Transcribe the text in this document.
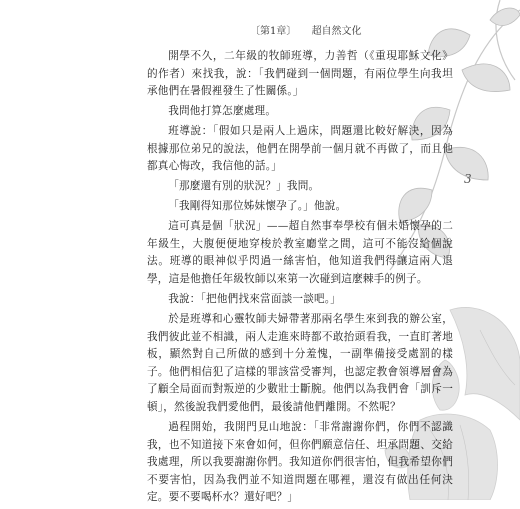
〔第1章〕 超自然文化
3

開學不久，二年級的牧師班導，力善哲（《重現耶穌文化》的作者）來找我，說：「我們碰到一個問題，有兩位學生向我坦承他們在暑假裡發生了性關係。」

我問他打算怎麼處理。

班導說：「假如只是兩人上過床，問題還比較好解決，因為根據那位弟兄的說法，他們在開學前一個月就不再做了，而且他都真心悔改，我信他的話。」

「那麼還有別的狀況？」我問。

「我剛得知那位姊妹懷孕了。」他說。

這可真是個「狀況」——超自然事奉學校有個未婚懷孕的二年級生，大腹便便地穿梭於教室廳堂之間，這可不能沒給個說法。班導的眼神似乎閃過一絲害怕，他知道我們得讓這兩人退學，這是他擔任年級牧師以來第一次碰到這麼棘手的例子。

我說：「把他們找來當面談一談吧。」

於是班導和心靈牧師夫婦帶著那兩名學生來到我的辦公室，我們彼此並不相識，兩人走進來時都不敢抬頭看我，一直盯著地板，顯然對自己所做的感到十分羞愧，一副準備接受處罰的樣子。他們相信犯了這樣的罪該當受審判，也認定教會領導層會為了顧全局面而對叛逆的少數壯士斷腕。他們以為我們會「訓斥一頓」，然後說我們愛他們，最後請他們離開。不然呢？

過程開始，我開門見山地說：「非常謝謝你們，你們不認識我，也不知道接下來會如何，但你們願意信任、坦承問題、交給我處理，所以我要謝謝你們。我知道你們很害怕，但我希望你們不要害怕，因為我們並不知道問題在哪裡，還沒有做出任何決定。要不要喝杯水？還好吧？」
